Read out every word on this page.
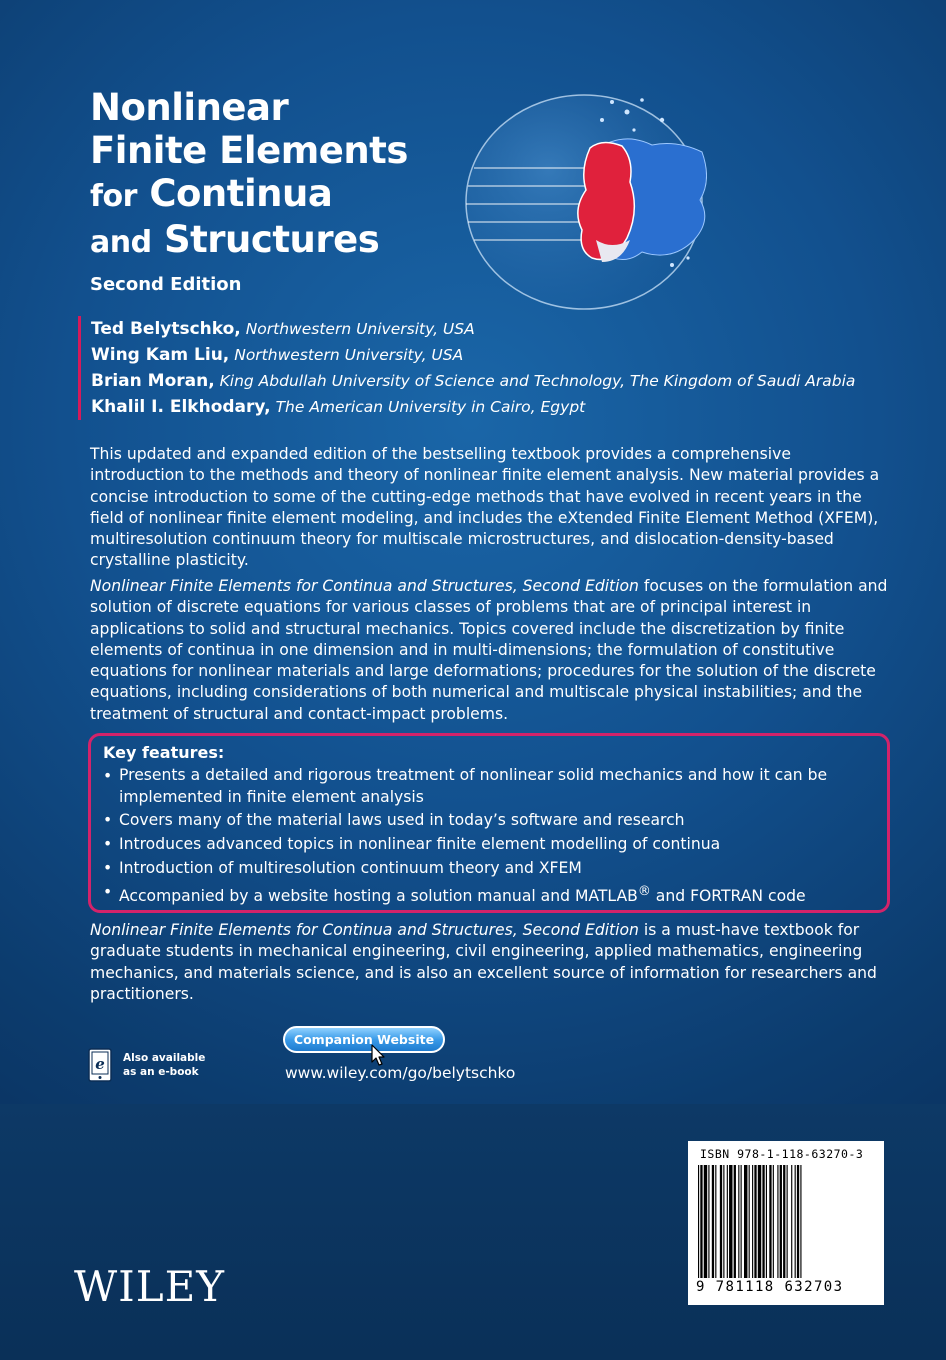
Nonlinear
Finite Elements
for Continua
and Structures
Second Edition
Ted Belytschko, Northwestern University, USA
Wing Kam Liu, Northwestern University, USA
Brian Moran, King Abdullah University of Science and Technology, The Kingdom of Saudi Arabia
Khalil I. Elkhodary, The American University in Cairo, Egypt

This updated and expanded edition of the bestselling textbook provides a comprehensive introduction to the methods and theory of nonlinear finite element analysis. New material provides a concise introduction to some of the cutting-edge methods that have evolved in recent years in the field of nonlinear finite element modeling, and includes the eXtended Finite Element Method (XFEM), multiresolution continuum theory for multiscale microstructures, and dislocation-density-based crystalline plasticity.

Nonlinear Finite Elements for Continua and Structures, Second Edition focuses on the formulation and solution of discrete equations for various classes of problems that are of principal interest in applications to solid and structural mechanics. Topics covered include the discretization by finite elements of continua in one dimension and in multi-dimensions; the formulation of constitutive equations for nonlinear materials and large deformations; procedures for the solution of the discrete equations, including considerations of both numerical and multiscale physical instabilities; and the treatment of structural and contact-impact problems.

Key features:
• Presents a detailed and rigorous treatment of nonlinear solid mechanics and how it can be
implemented in finite element analysis
• Covers many of the material laws used in today’s software and research
• Introduces advanced topics in nonlinear finite element modelling of continua
• Introduction of multiresolution continuum theory and XFEM
• Accompanied by a website hosting a solution manual and MATLAB® and FORTRAN code

Nonlinear Finite Elements for Continua and Structures, Second Edition is a must-have textbook for graduate students in mechanical engineering, civil engineering, applied mathematics, engineering mechanics, and materials science, and is also an excellent source of information for researchers and practitioners.

e Also available
as an e-book
Companion Website
www.wiley.com/go/belytschko
WILEY
ISBN 978-1-118-63270-3
9 781118 632703
